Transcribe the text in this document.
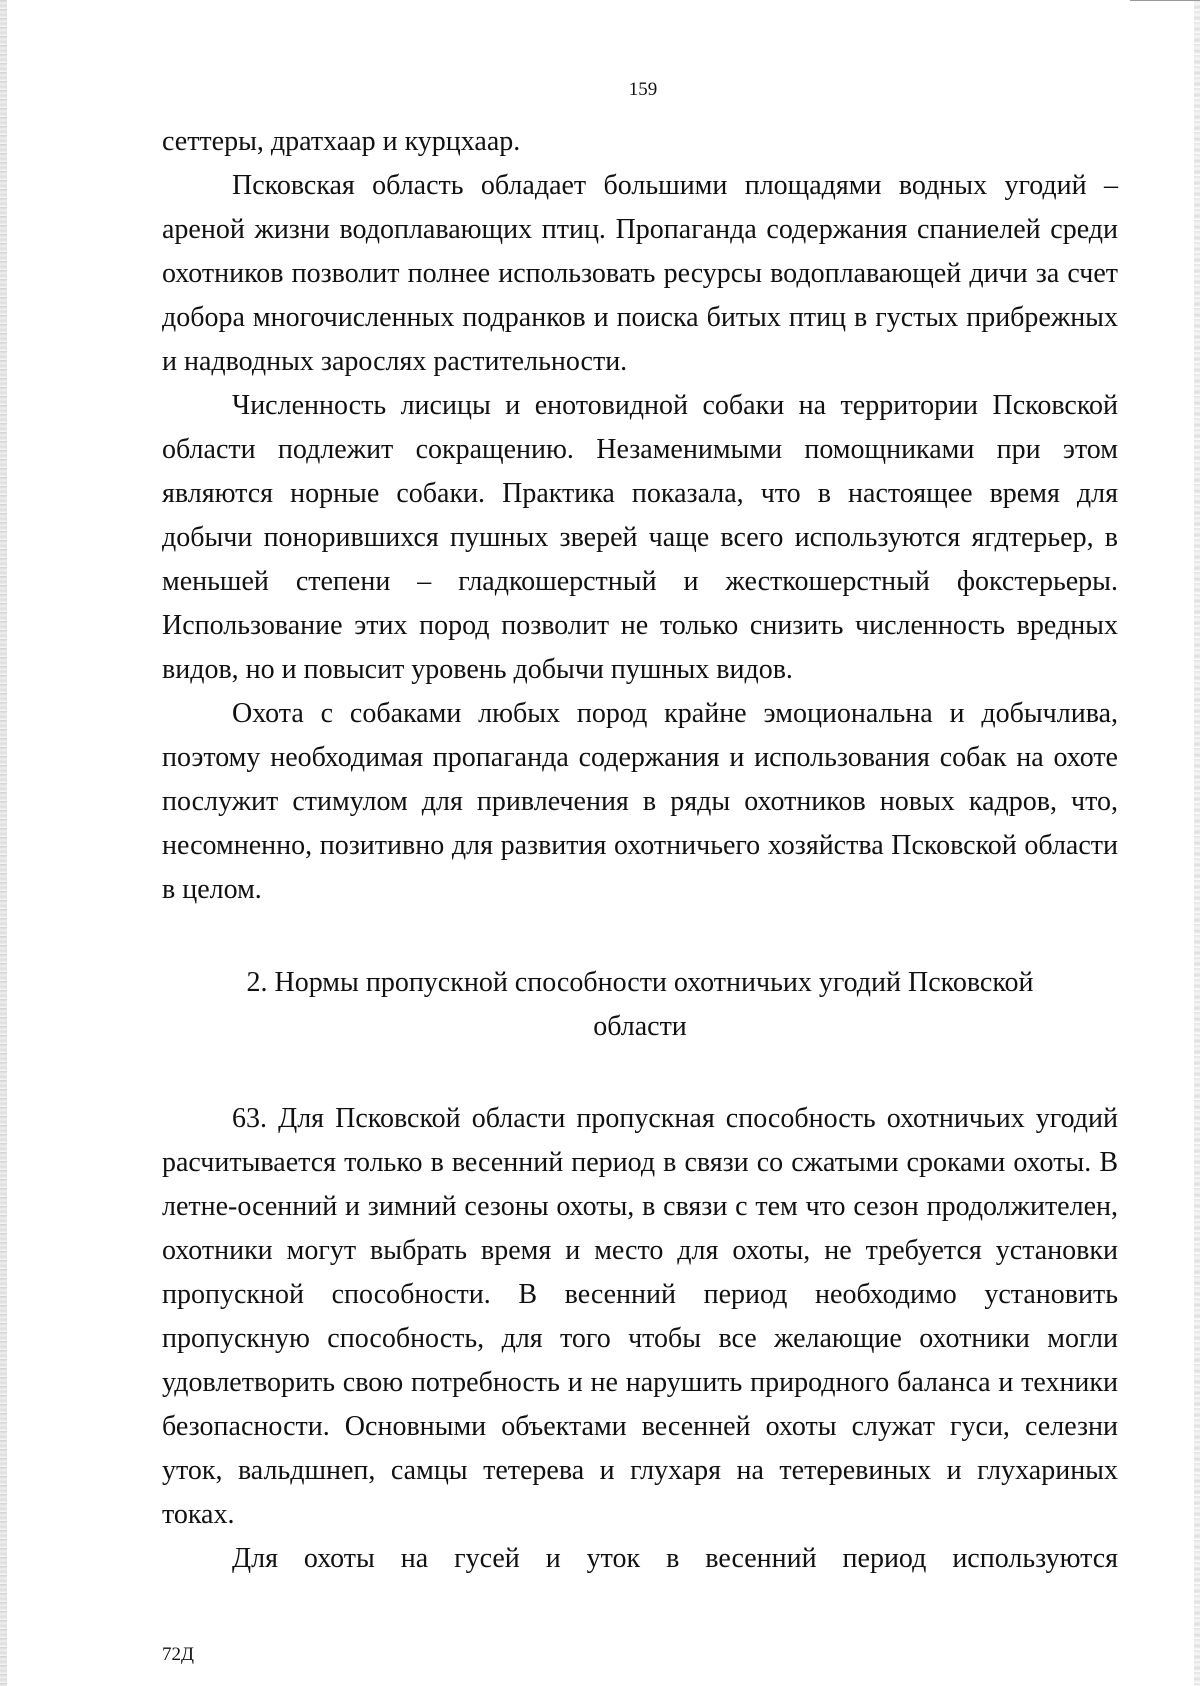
159

сеттеры, дратхаар и курцхаар.

Псковская область обладает большими площадями водных угодий – ареной жизни водоплавающих птиц. Пропаганда содержания спаниелей среди охотников позволит полнее использовать ресурсы водоплавающей дичи за счет добора многочисленных подранков и поиска битых птиц в густых прибрежных и надводных зарослях растительности.

Численность лисицы и енотовидной собаки на территории Псковской области подлежит сокращению. Незаменимыми помощниками при этом являются норные собаки. Практика показала, что в настоящее время для добычи понорившихся пушных зверей чаще всего используются ягдтерьер, в меньшей степени – гладкошерстный и жесткошерстный фокстерьеры. Использование этих пород позволит не только снизить численность вредных видов, но и повысит уровень добычи пушных видов.

Охота с собаками любых пород крайне эмоциональна и добычлива, поэтому необходимая пропаганда содержания и использования собак на охоте послужит стимулом для привлечения в ряды охотников новых кадров, что, несомненно, позитивно для развития охотничьего хозяйства Псковской области в целом.

2. Нормы пропускной способности охотничьих угодий Псковской
области

63. Для Псковской области пропускная способность охотничьих угодий расчитывается только в весенний период в связи со сжатыми сроками охоты. В летне-осенний и зимний сезоны охоты, в связи с тем что сезон продолжителен, охотники могут выбрать время и место для охоты, не требуется установки пропускной способности. В весенний период необходимо установить пропускную способность, для того чтобы все желающие охотники могли удовлетворить свою потребность и не нарушить природного баланса и техники безопасности. Основными объектами весенней охоты служат гуси, селезни уток, вальдшнеп, самцы тетерева и глухаря на тетеревиных и глухариных токах.

Для охоты на гусей и уток в весенний период используются

72Д
